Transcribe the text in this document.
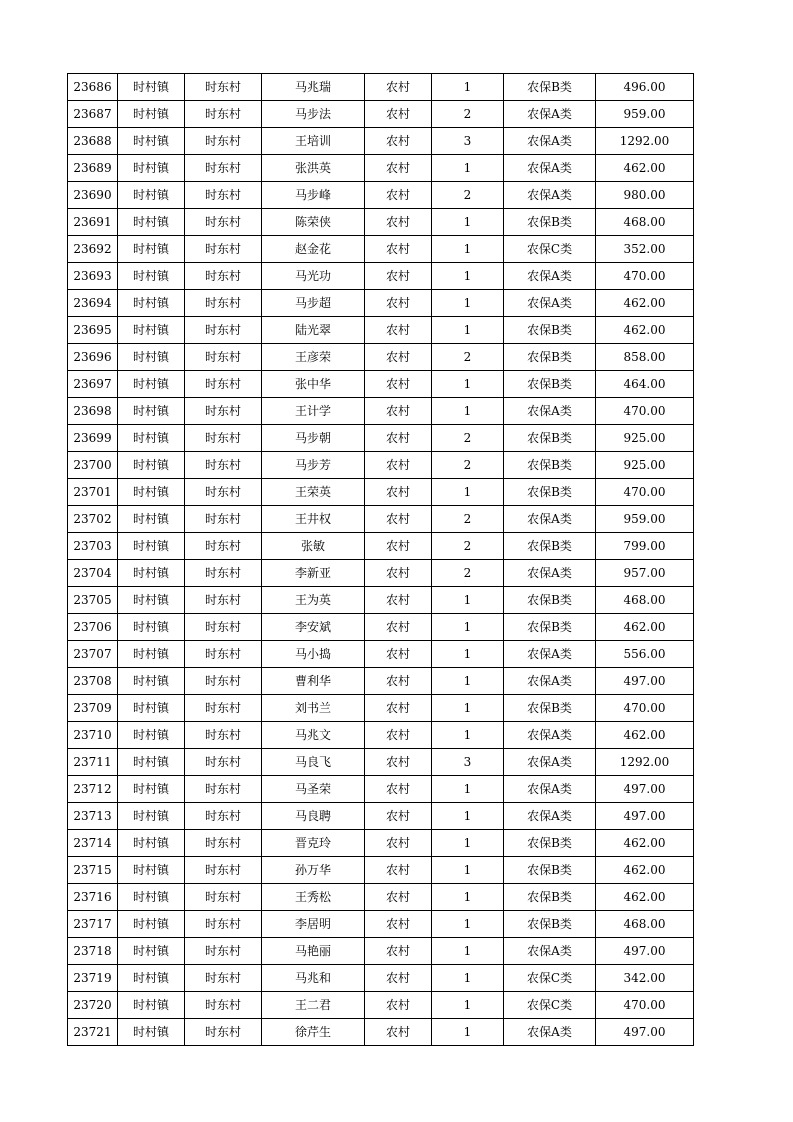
23686	时村镇	时东村	马兆瑞	农村	1	农保B类	496.00
23687	时村镇	时东村	马步法	农村	2	农保A类	959.00
23688	时村镇	时东村	王培训	农村	3	农保A类	1292.00
23689	时村镇	时东村	张洪英	农村	1	农保A类	462.00
23690	时村镇	时东村	马步峰	农村	2	农保A类	980.00
23691	时村镇	时东村	陈荣侠	农村	1	农保B类	468.00
23692	时村镇	时东村	赵金花	农村	1	农保C类	352.00
23693	时村镇	时东村	马光功	农村	1	农保A类	470.00
23694	时村镇	时东村	马步超	农村	1	农保A类	462.00
23695	时村镇	时东村	陆光翠	农村	1	农保B类	462.00
23696	时村镇	时东村	王彦荣	农村	2	农保B类	858.00
23697	时村镇	时东村	张中华	农村	1	农保B类	464.00
23698	时村镇	时东村	王计学	农村	1	农保A类	470.00
23699	时村镇	时东村	马步朝	农村	2	农保B类	925.00
23700	时村镇	时东村	马步芳	农村	2	农保B类	925.00
23701	时村镇	时东村	王荣英	农村	1	农保B类	470.00
23702	时村镇	时东村	王井权	农村	2	农保A类	959.00
23703	时村镇	时东村	张敏	农村	2	农保B类	799.00
23704	时村镇	时东村	李新亚	农村	2	农保A类	957.00
23705	时村镇	时东村	王为英	农村	1	农保B类	468.00
23706	时村镇	时东村	李安斌	农村	1	农保B类	462.00
23707	时村镇	时东村	马小捣	农村	1	农保A类	556.00
23708	时村镇	时东村	曹利华	农村	1	农保A类	497.00
23709	时村镇	时东村	刘书兰	农村	1	农保B类	470.00
23710	时村镇	时东村	马兆文	农村	1	农保A类	462.00
23711	时村镇	时东村	马良飞	农村	3	农保A类	1292.00
23712	时村镇	时东村	马圣荣	农村	1	农保A类	497.00
23713	时村镇	时东村	马良聘	农村	1	农保A类	497.00
23714	时村镇	时东村	晋克玲	农村	1	农保B类	462.00
23715	时村镇	时东村	孙万华	农村	1	农保B类	462.00
23716	时村镇	时东村	王秀松	农村	1	农保B类	462.00
23717	时村镇	时东村	李居明	农村	1	农保B类	468.00
23718	时村镇	时东村	马艳丽	农村	1	农保A类	497.00
23719	时村镇	时东村	马兆和	农村	1	农保C类	342.00
23720	时村镇	时东村	王二君	农村	1	农保C类	470.00
23721	时村镇	时东村	徐芹生	农村	1	农保A类	497.00
